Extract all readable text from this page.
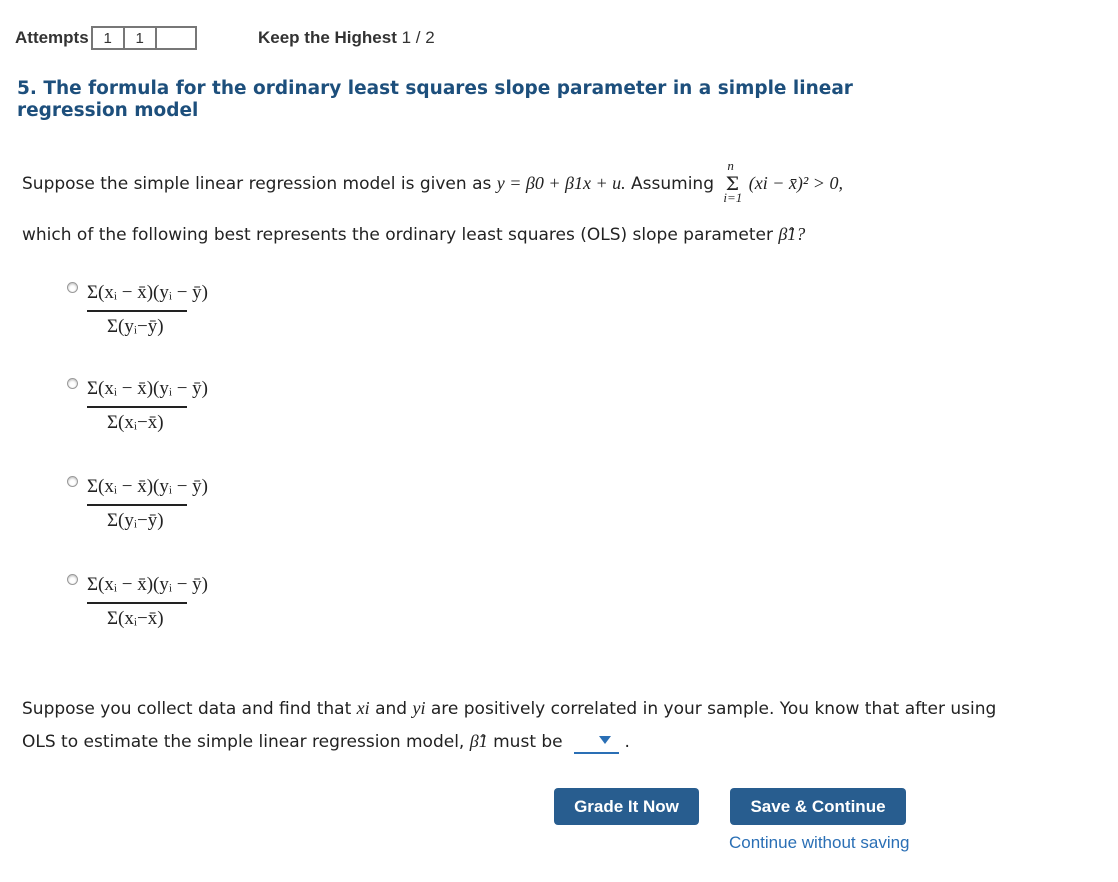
Attempts 1	1	Keep the Highest 1 / 2
5. The formula for the ordinary least squares slope parameter in a simple linear regression model
Suppose the simple linear regression model is given as y = β0 + β1x + u. Assuming
n
Σ
i=1
(xi − x̄)² > 0,
which of the following best represents the ordinary least squares (OLS) slope parameter β̂1?
Σ(xᵢ − x̄)(yᵢ − ȳ)
Σ(yᵢ−ȳ)
Σ(xᵢ − x̄)(yᵢ − ȳ)
Σ(xᵢ−x̄)
Σ(xᵢ − x̄)(yᵢ − ȳ)
Σ(yᵢ−ȳ)
Σ(xᵢ − x̄)(yᵢ − ȳ)
Σ(xᵢ−x̄)
Suppose you collect data and find that xi and yi are positively correlated in your sample. You know that after using OLS to estimate the simple linear regression model, β̂1 must be	.
Grade It Now	Save & Continue
Continue without saving
